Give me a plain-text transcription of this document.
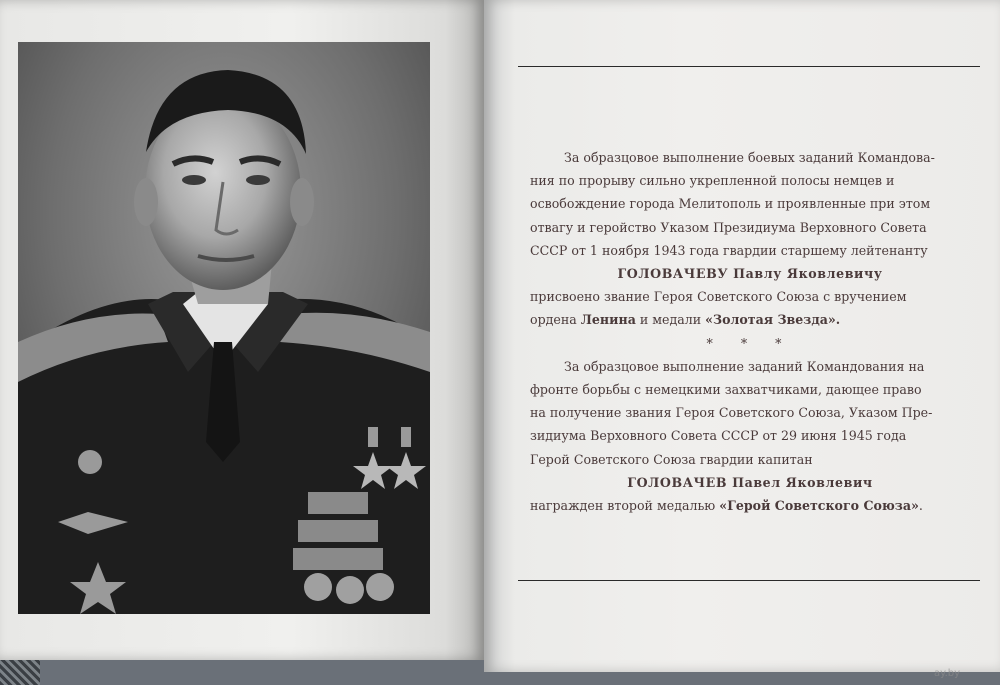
За образцовое выполнение боевых заданий Командова-

ния по прорыву сильно укрепленной полосы немцев и

освобождение города Мелитополь и проявленные при этом

отвагу и геройство Указом Президиума Верховного Совета

СССР от 1 ноября 1943 года гвардии старшему лейтенанту

ГОЛОВАЧЕВУ Павлу Яковлевичу

присвоено звание Героя Советского Союза с вручением

ордена Ленина и медали «Золотая Звезда».

* * *

За образцовое выполнение заданий Командования на

фронте борьбы с немецкими захватчиками, дающее право

на получение звания Героя Советского Союза, Указом Пре-

зидиума Верховного Совета СССР от 29 июня 1945 года

Герой Советского Союза гвардии капитан

ГОЛОВАЧЕВ Павел Яковлевич

награжден второй медалью «Герой Советского Союза».

ay.by
